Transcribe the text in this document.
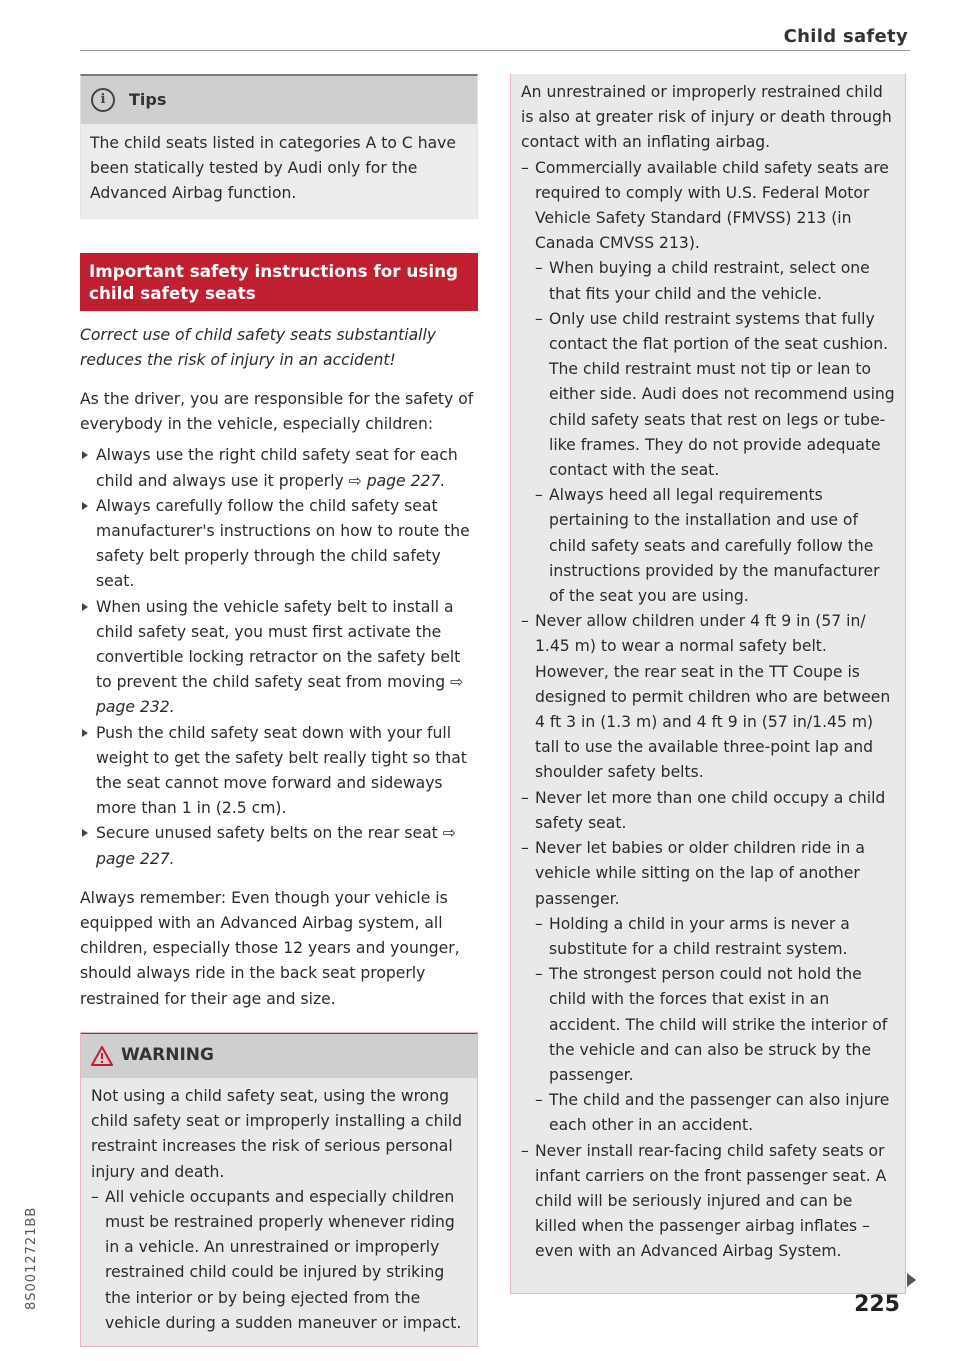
Child safety
8S0012721BB
i	Tips
The child seats listed in categories A to C have been statically tested by Audi only for the Advanced Airbag function.
Important safety instructions for using child safety seats

Correct use of child safety seats substantially reduces the risk of injury in an accident!

As the driver, you are responsible for the safety of everybody in the vehicle, especially children:

Always use the right child safety seat for each child and always use it properly ⇨ page 227.
Always carefully follow the child safety seat manufacturer's instructions on how to route the safety belt properly through the child safety seat.
When using the vehicle safety belt to install a child safety seat, you must first activate the convertible locking retractor on the safety belt to prevent the child safety seat from moving ⇨ page 232.
Push the child safety seat down with your full weight to get the safety belt really tight so that the seat cannot move forward and sideways more than 1 in (2.5 cm).
Secure unused safety belts on the rear seat ⇨ page 227.

Always remember: Even though your vehicle is equipped with an Advanced Airbag system, all children, especially those 12 years and younger, should always ride in the back seat properly restrained for their age and size.

WARNING

Not using a child safety seat, using the wrong child safety seat or improperly installing a child restraint increases the risk of serious personal injury and death.

– All vehicle occupants and especially children must be restrained properly whenever riding in a vehicle. An unrestrained or improperly restrained child could be injured by striking the interior or by being ejected from the vehicle during a sudden maneuver or impact.

An unrestrained or improperly restrained child is also at greater risk of injury or death through contact with an inflating airbag.

– Commercially available child safety seats are required to comply with U.S. Federal Motor Vehicle Safety Standard (FMVSS) 213 (in Canada CMVSS 213).

– When buying a child restraint, select one that fits your child and the vehicle.

– Only use child restraint systems that fully contact the flat portion of the seat cushion. The child restraint must not tip or lean to either side. Audi does not recommend using child safety seats that rest on legs or tube-like frames. They do not provide adequate contact with the seat.

– Always heed all legal requirements pertaining to the installation and use of child safety seats and carefully follow the instructions provided by the manufacturer of the seat you are using.

– Never allow children under 4 ft 9 in (57 in/ 1.45 m) to wear a normal safety belt. However, the rear seat in the TT Coupe is designed to permit children who are between 4 ft 3 in (1.3 m) and 4 ft 9 in (57 in/1.45 m) tall to use the available three-point lap and shoulder safety belts.

– Never let more than one child occupy a child safety seat.

– Never let babies or older children ride in a vehicle while sitting on the lap of another passenger.

– Holding a child in your arms is never a substitute for a child restraint system.

– The strongest person could not hold the child with the forces that exist in an accident. The child will strike the interior of the vehicle and can also be struck by the passenger.

– The child and the passenger can also injure each other in an accident.

– Never install rear-facing child safety seats or infant carriers on the front passenger seat. A child will be seriously injured and can be killed when the passenger airbag inflates – even with an Advanced Airbag System.

225
